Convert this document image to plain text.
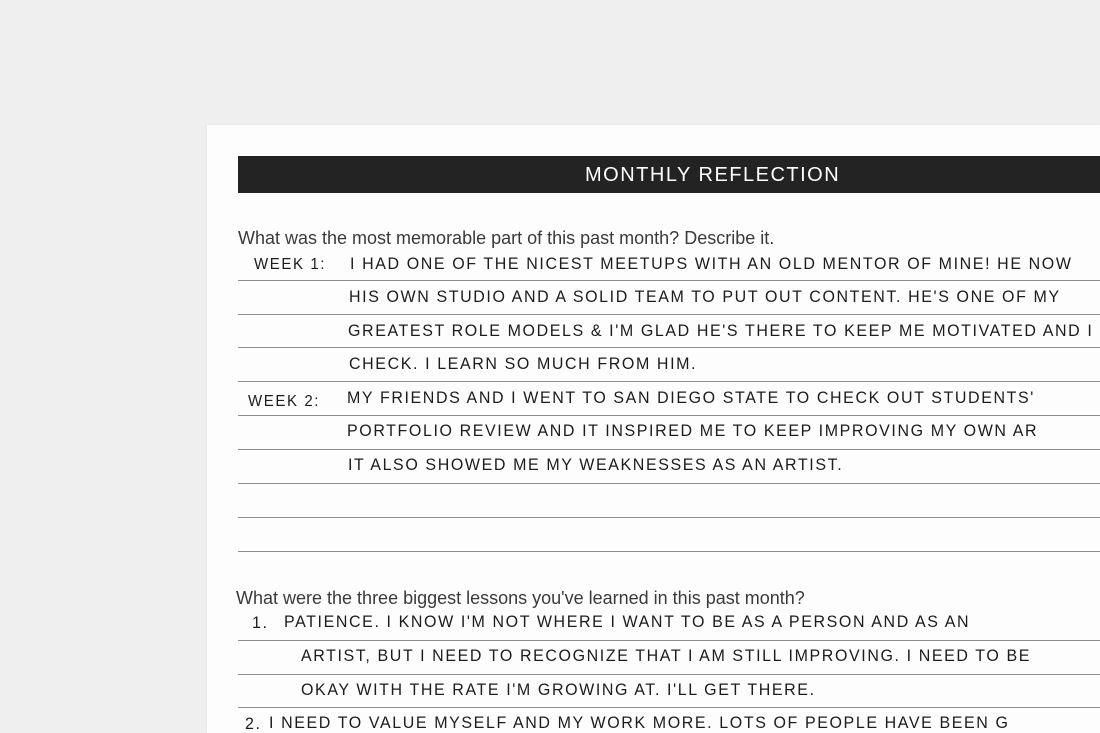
MONTHLY REFLECTION
What was the most memorable part of this past month? Describe it.
WEEK 1: I HAD ONE OF THE NICEST MEETUPS WITH AN OLD MENTOR OF MINE! HE NOW
HIS OWN STUDIO AND A SOLID TEAM TO PUT OUT CONTENT. HE'S ONE OF MY
GREATEST ROLE MODELS & I'M GLAD HE'S THERE TO KEEP ME MOTIVATED AND I
CHECK. I LEARN SO MUCH FROM HIM.
WEEK 2: MY FRIENDS AND I WENT TO SAN DIEGO STATE TO CHECK OUT STUDENTS'
PORTFOLIO REVIEW AND IT INSPIRED ME TO KEEP IMPROVING MY OWN AR
IT ALSO SHOWED ME MY WEAKNESSES AS AN ARTIST.
What were the three biggest lessons you've learned in this past month?
1. PATIENCE. I KNOW I'M NOT WHERE I WANT TO BE AS A PERSON AND AS AN
ARTIST, BUT I NEED TO RECOGNIZE THAT I AM STILL IMPROVING. I NEED TO BE
OKAY WITH THE RATE I'M GROWING AT. I'LL GET THERE.
2. I NEED TO VALUE MYSELF AND MY WORK MORE. LOTS OF PEOPLE HAVE BEEN G
